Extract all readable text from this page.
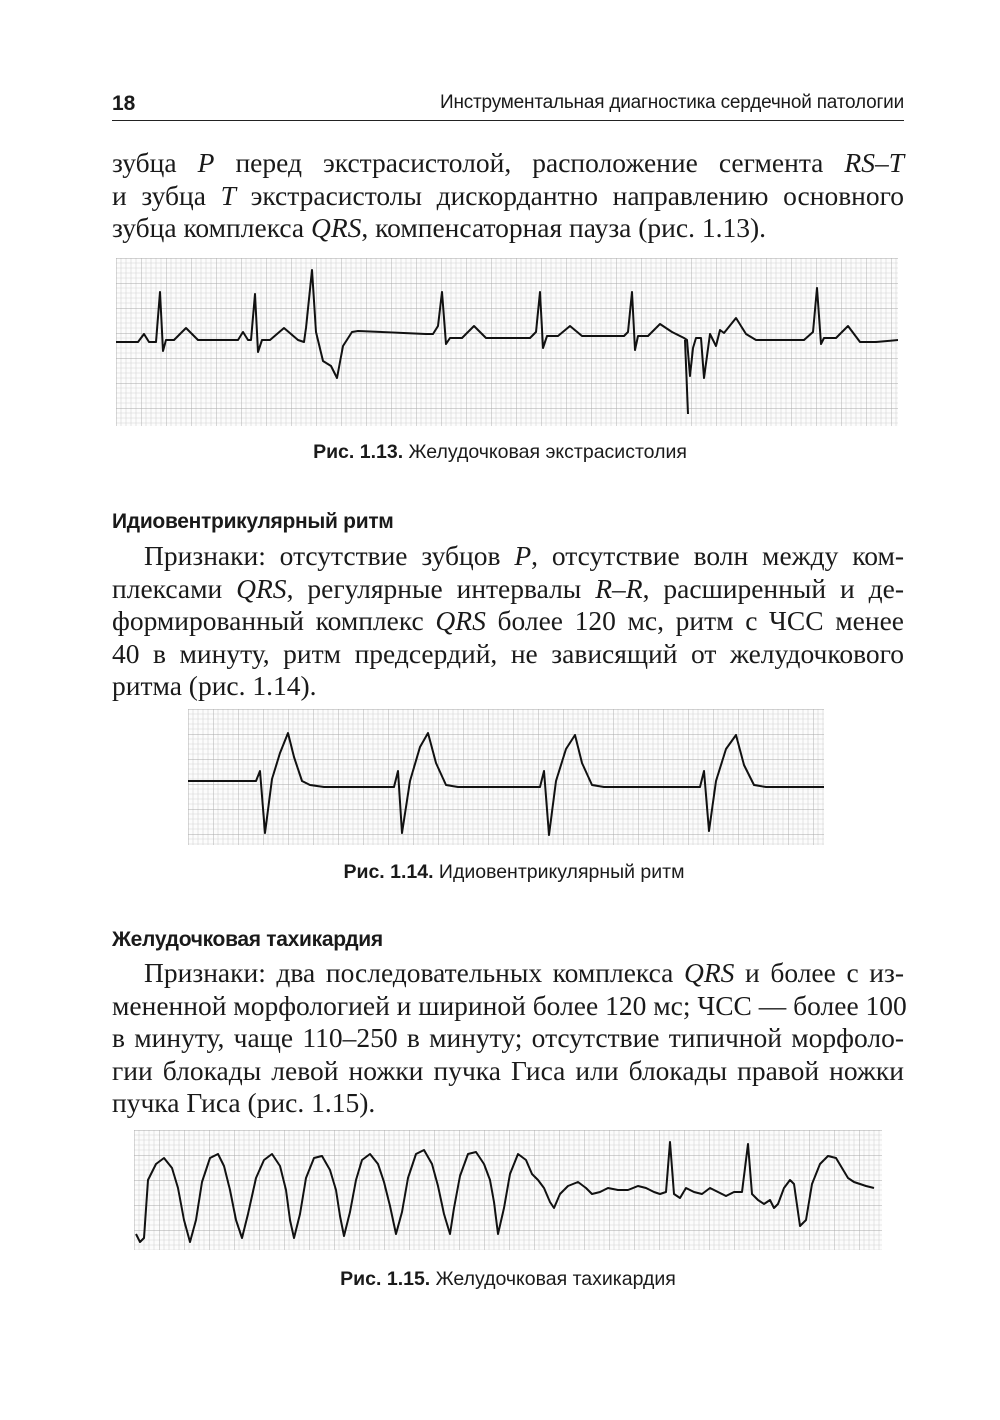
18	Инструментальная диагностика сердечной патологии
зубца P перед экстрасистолой, расположение сегмента RS–T
и зубца T экстрасистолы дискордантно направлению основного
зубца комплекса QRS, компенсаторная пауза (рис. 1.13).
Рис. 1.13. Желудочковая экстрасистолия
Идиовентрикулярный ритм
Признаки: отсутствие зубцов P, отсутствие волн между ком-
плексами QRS, регулярные интервалы R–R, расширенный и де-
формированный комплекс QRS более 120 мс, ритм с ЧСС менее
40 в минуту, ритм предсердий, не зависящий от желудочкового
ритма (рис. 1.14).
Рис. 1.14. Идиовентрикулярный ритм
Желудочковая тахикардия
Признаки: два последовательных комплекса QRS и более с из-
мененной морфологией и шириной более 120 мс; ЧСС — более 100
в минуту, чаще 110–250 в минуту; отсутствие типичной морфоло-
гии блокады левой ножки пучка Гиса или блокады правой ножки
пучка Гиса (рис. 1.15).
Рис. 1.15. Желудочковая тахикардия
